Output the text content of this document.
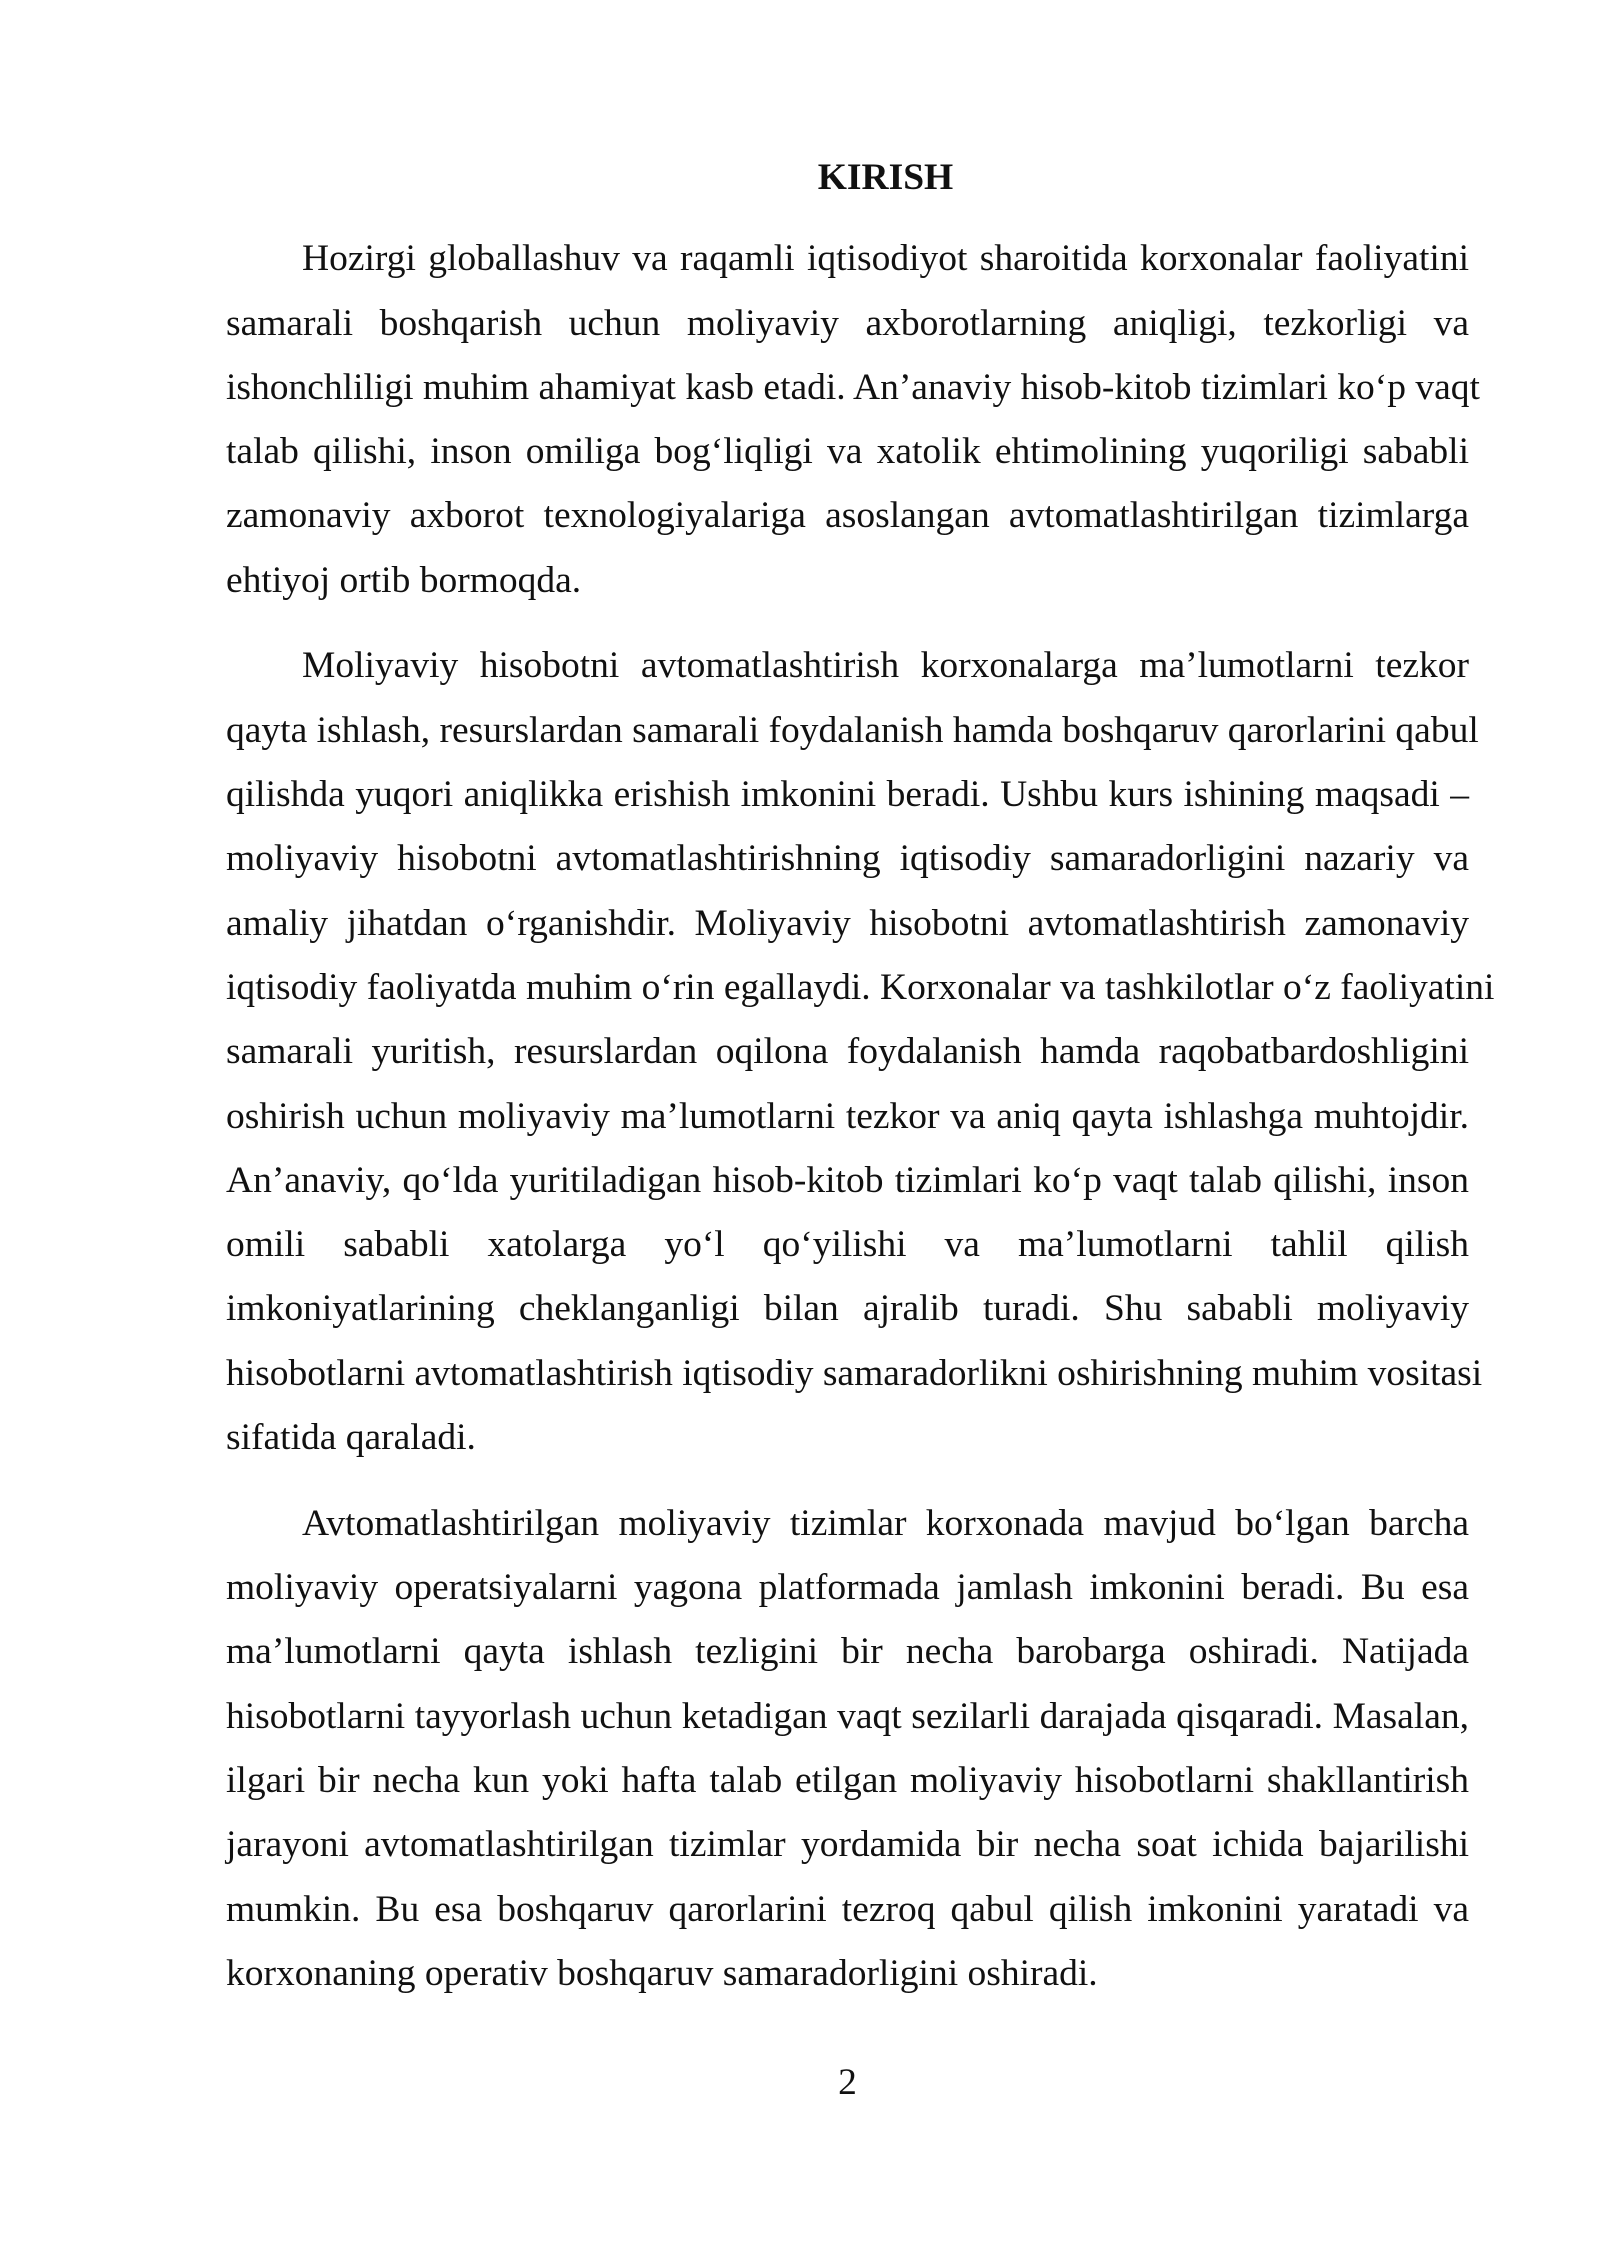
KIRISH
Hozirgi globallashuv va raqamli iqtisodiyot sharoitida korxonalar faoliyatini
samarali boshqarish uchun moliyaviy axborotlarning aniqligi, tezkorligi va
ishonchliligi muhim ahamiyat kasb etadi. An’anaviy hisob-kitob tizimlari ko‘p vaqt
talab qilishi, inson omiliga bog‘liqligi va xatolik ehtimolining yuqoriligi sababli
zamonaviy axborot texnologiyalariga asoslangan avtomatlashtirilgan tizimlarga
ehtiyoj ortib bormoqda.
Moliyaviy hisobotni avtomatlashtirish korxonalarga ma’lumotlarni tezkor
qayta ishlash, resurslardan samarali foydalanish hamda boshqaruv qarorlarini qabul
qilishda yuqori aniqlikka erishish imkonini beradi. Ushbu kurs ishining maqsadi –
moliyaviy hisobotni avtomatlashtirishning iqtisodiy samaradorligini nazariy va
amaliy jihatdan o‘rganishdir. Moliyaviy hisobotni avtomatlashtirish zamonaviy
iqtisodiy faoliyatda muhim o‘rin egallaydi. Korxonalar va tashkilotlar o‘z faoliyatini
samarali yuritish, resurslardan oqilona foydalanish hamda raqobatbardoshligini
oshirish uchun moliyaviy ma’lumotlarni tezkor va aniq qayta ishlashga muhtojdir.
An’anaviy, qo‘lda yuritiladigan hisob-kitob tizimlari ko‘p vaqt talab qilishi, inson
omili sababli xatolarga yo‘l qo‘yilishi va ma’lumotlarni tahlil qilish
imkoniyatlarining cheklanganligi bilan ajralib turadi. Shu sababli moliyaviy
hisobotlarni avtomatlashtirish iqtisodiy samaradorlikni oshirishning muhim vositasi
sifatida qaraladi.
Avtomatlashtirilgan moliyaviy tizimlar korxonada mavjud bo‘lgan barcha
moliyaviy operatsiyalarni yagona platformada jamlash imkonini beradi. Bu esa
ma’lumotlarni qayta ishlash tezligini bir necha barobarga oshiradi. Natijada
hisobotlarni tayyorlash uchun ketadigan vaqt sezilarli darajada qisqaradi. Masalan,
ilgari bir necha kun yoki hafta talab etilgan moliyaviy hisobotlarni shakllantirish
jarayoni avtomatlashtirilgan tizimlar yordamida bir necha soat ichida bajarilishi
mumkin. Bu esa boshqaruv qarorlarini tezroq qabul qilish imkonini yaratadi va
korxonaning operativ boshqaruv samaradorligini oshiradi.
2
